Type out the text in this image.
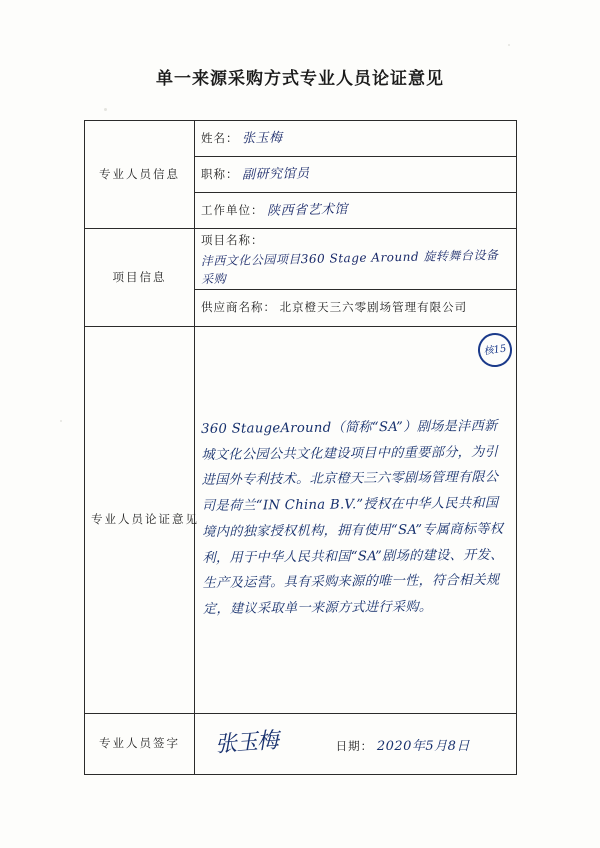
单一来源采购方式专业人员论证意见
专业人员信息	姓名： 张玉梅
	职称： 副研究馆员
	工作单位： 陕西省艺术馆
项目信息	项目名称： 沣西文化公园项目360 Stage Around 旋转舞台设备采购
	供应商名称： 北京橙天三六零剧场管理有限公司
专业人员论证意见	360 StaugeAround（简称“SA”）剧场是沣西新城文化公园公共文化建设项目中的重要部分，为引进国外专利技术。北京橙天三六零剧场管理有限公司是荷兰“IN China B.V.”授权在中华人民共和国境内的独家授权机构，拥有使用“SA”专属商标等权利，用于中华人民共和国“SA”剧场的建设、开发、生产及运营。具有采购来源的唯一性，符合相关规定，建议采取单一来源方式进行采购。
核15

专业人员签字	张玉梅 日期： 2020年5月8日
